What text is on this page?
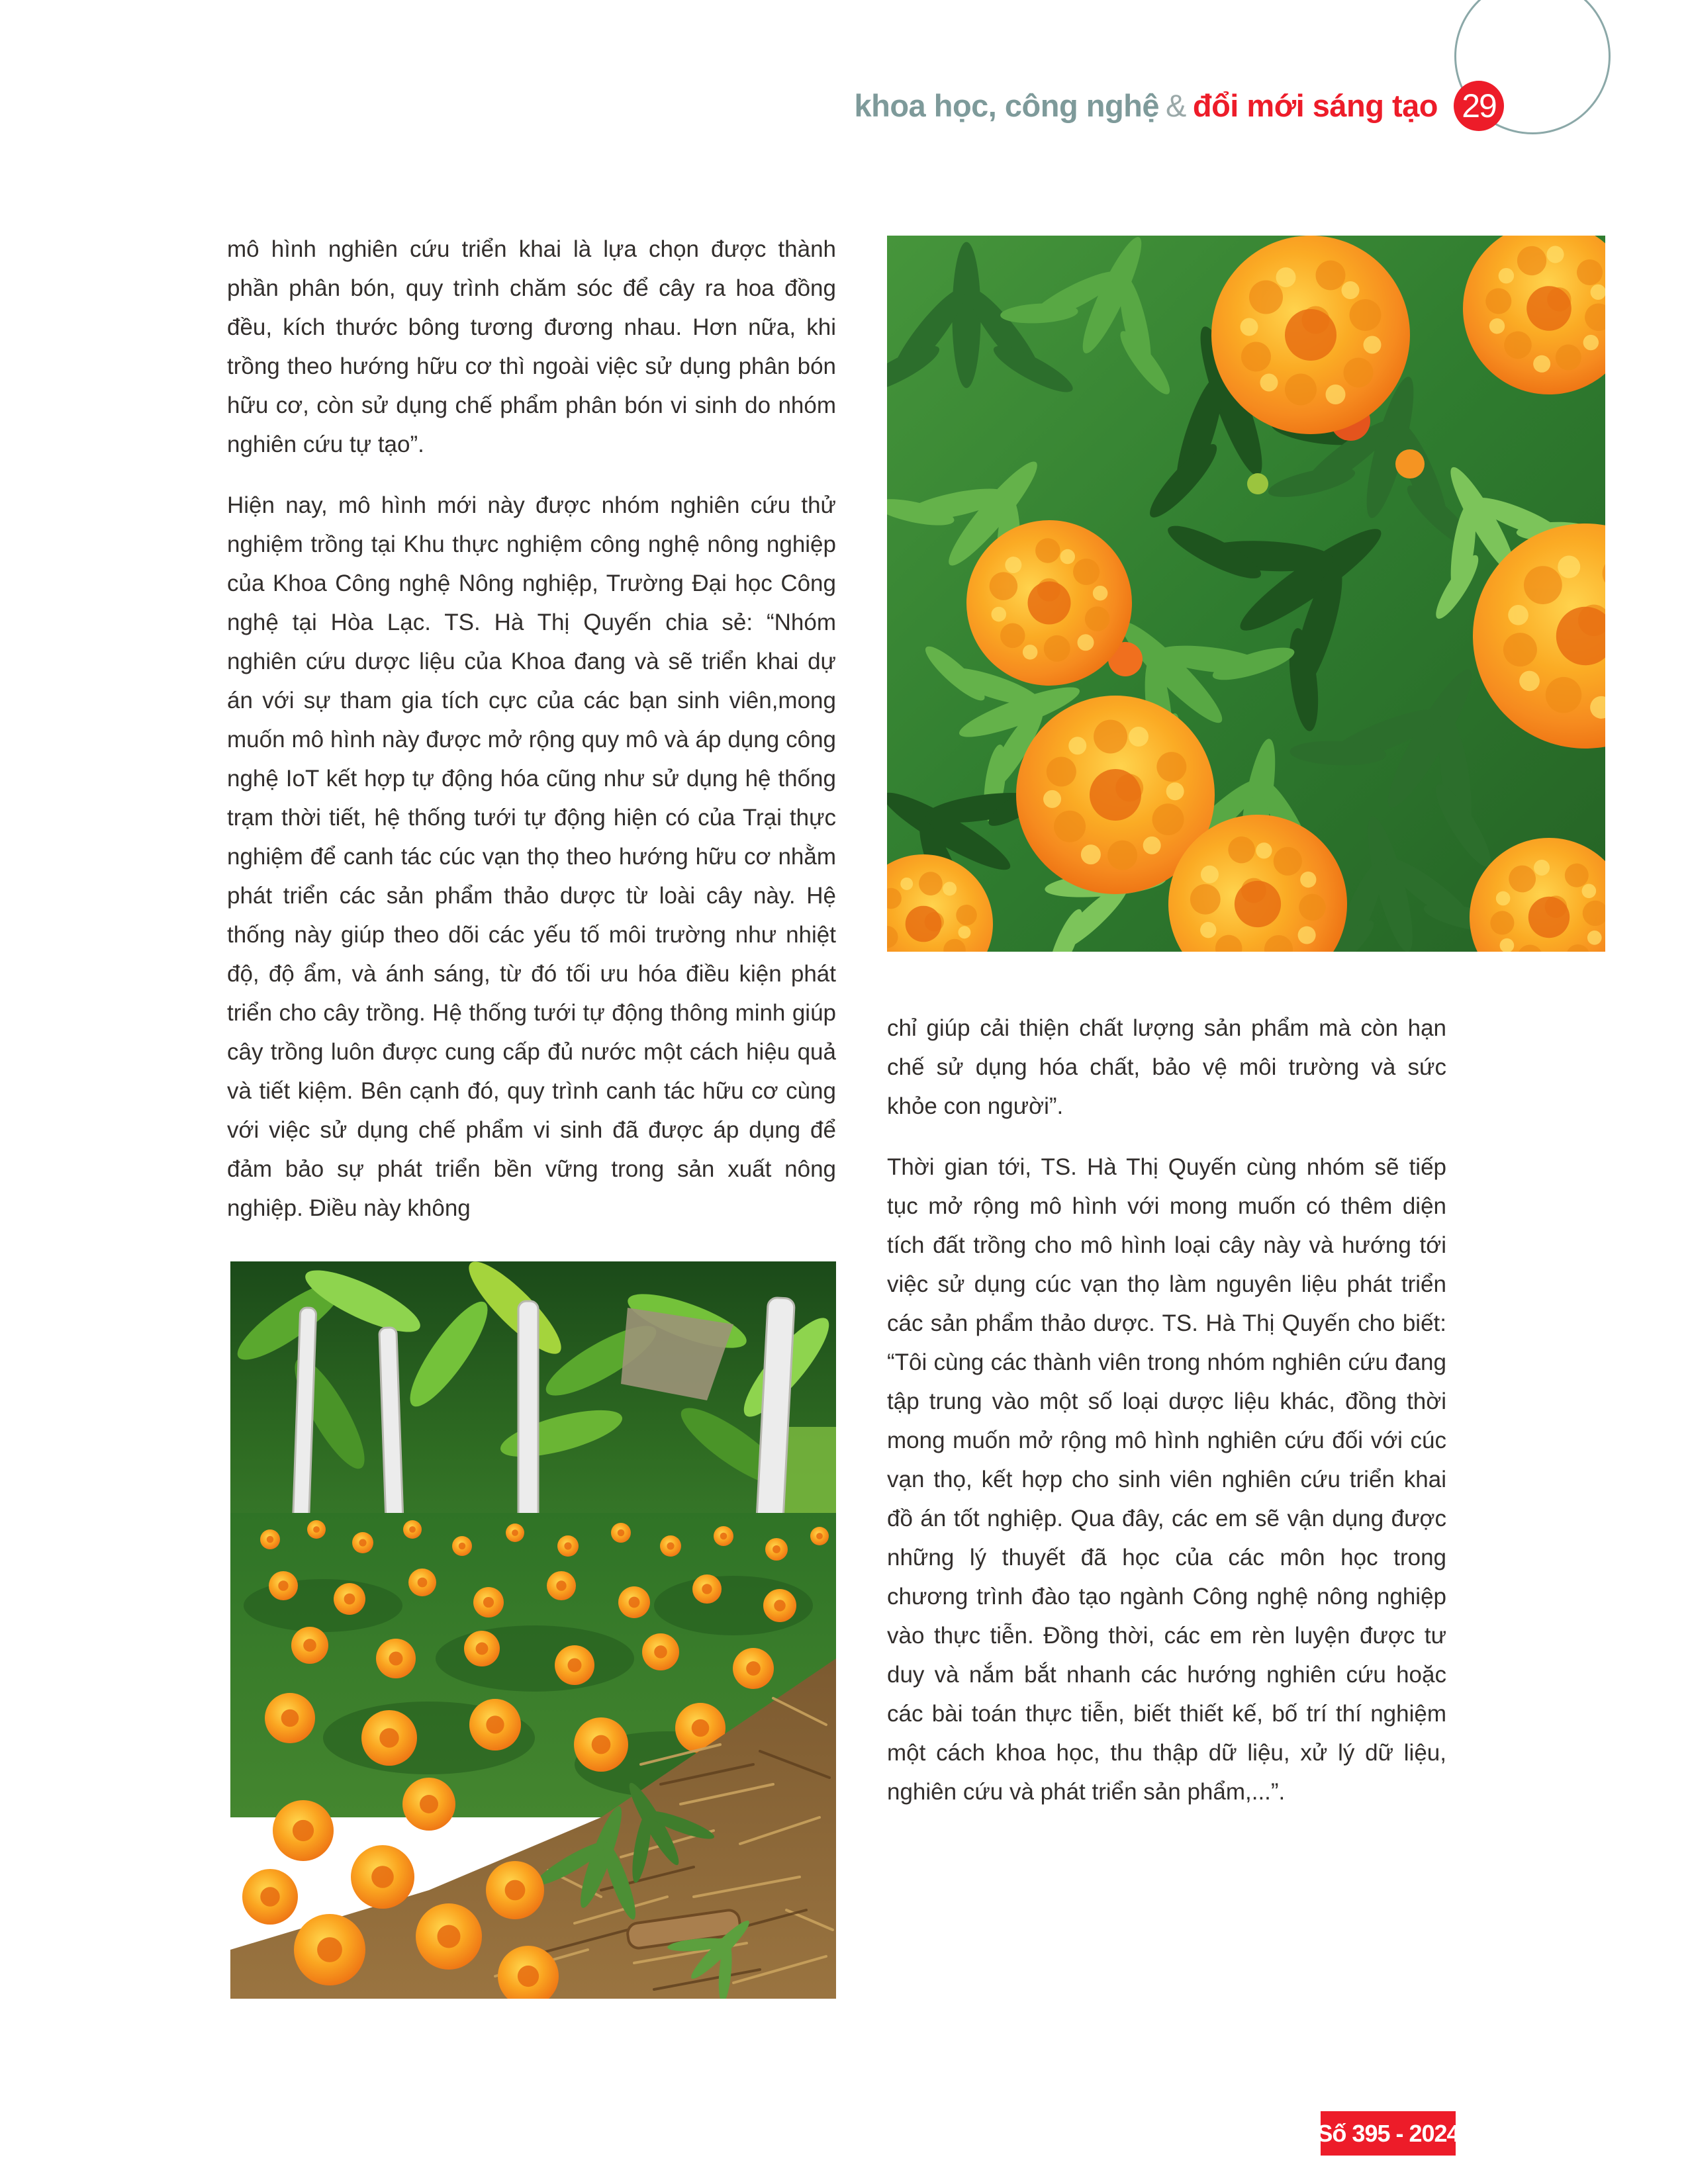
khoa học, công nghệ & đổi mới sáng tạo 29

mô hình nghiên cứu triển khai là lựa chọn được thành phần phân bón, quy trình chăm sóc để cây ra hoa đồng đều, kích thước bông tương đương nhau. Hơn nữa, khi trồng theo hướng hữu cơ thì ngoài việc sử dụng phân bón hữu cơ, còn sử dụng chế phẩm phân bón vi sinh do nhóm nghiên cứu tự tạo”.

Hiện nay, mô hình mới này được nhóm nghiên cứu thử nghiệm trồng tại Khu thực nghiệm công nghệ nông nghiệp của Khoa Công nghệ Nông nghiệp, Trường Đại học Công nghệ tại Hòa Lạc. TS. Hà Thị Quyến chia sẻ: “Nhóm nghiên cứu dược liệu của Khoa đang và sẽ triển khai dự án với sự tham gia tích cực của các bạn sinh viên,mong muốn mô hình này được mở rộng quy mô và áp dụng công nghệ IoT kết hợp tự động hóa cũng như sử dụng hệ thống trạm thời tiết, hệ thống tưới tự động hiện có của Trại thực nghiệm để canh tác cúc vạn thọ theo hướng hữu cơ nhằm phát triển các sản phẩm thảo dược từ loài cây này. Hệ thống này giúp theo dõi các yếu tố môi trường như nhiệt độ, độ ẩm, và ánh sáng, từ đó tối ưu hóa điều kiện phát triển cho cây trồng. Hệ thống tưới tự động thông minh giúp cây trồng luôn được cung cấp đủ nước một cách hiệu quả và tiết kiệm. Bên cạnh đó, quy trình canh tác hữu cơ cùng với việc sử dụng chế phẩm vi sinh đã được áp dụng để đảm bảo sự phát triển bền vững trong sản xuất nông nghiệp. Điều này không

chỉ giúp cải thiện chất lượng sản phẩm mà còn hạn chế sử dụng hóa chất, bảo vệ môi trường và sức khỏe con người”.

Thời gian tới, TS. Hà Thị Quyến cùng nhóm sẽ tiếp tục mở rộng mô hình với mong muốn có thêm diện tích đất trồng cho mô hình loại cây này và hướng tới việc sử dụng cúc vạn thọ làm nguyên liệu phát triển các sản phẩm thảo dược. TS. Hà Thị Quyến cho biết: “Tôi cùng các thành viên trong nhóm nghiên cứu đang tập trung vào một số loại dược liệu khác, đồng thời mong muốn mở rộng mô hình nghiên cứu đối với cúc vạn thọ, kết hợp cho sinh viên nghiên cứu triển khai đồ án tốt nghiệp. Qua đây, các em sẽ vận dụng được những lý thuyết đã học của các môn học trong chương trình đào tạo ngành Công nghệ nông nghiệp vào thực tiễn. Đồng thời, các em rèn luyện được tư duy và nắm bắt nhanh các hướng nghiên cứu hoặc các bài toán thực tiễn, biết thiết kế, bố trí thí nghiệm một cách khoa học, thu thập dữ liệu, xử lý dữ liệu, nghiên cứu và phát triển sản phẩm,...”.

Số 395 - 2024
